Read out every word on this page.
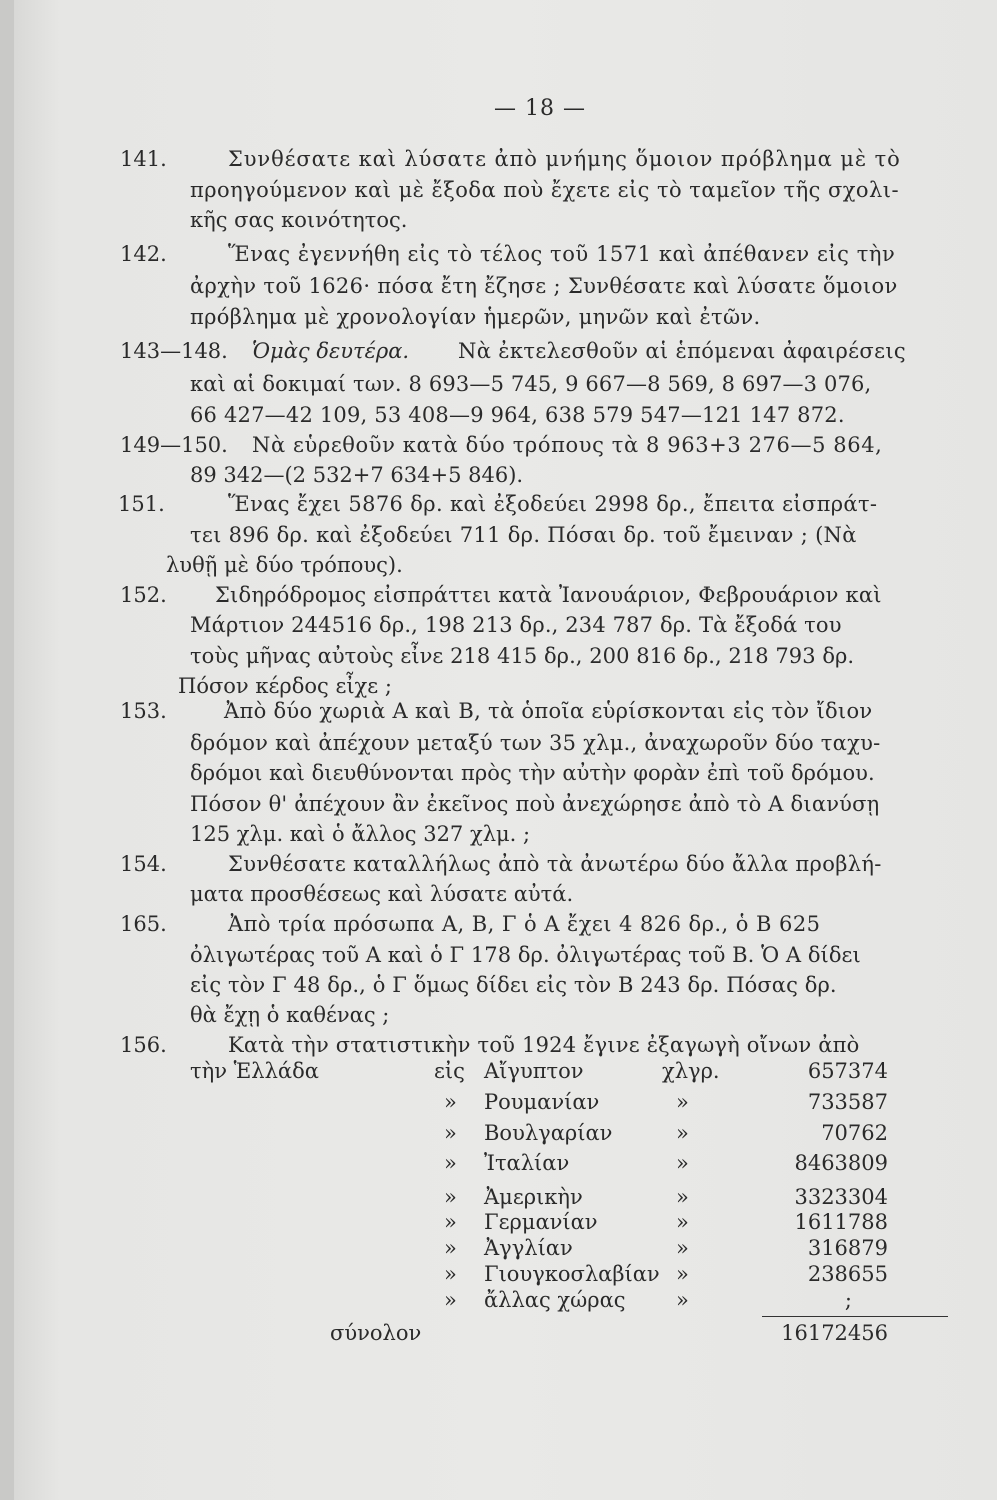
— 18 —
141.	Συνθέσατε καὶ λύσατε ἀπὸ μνήμης ὅμοιον πρόβλημα μὲ τὸ
προηγούμενον καὶ μὲ ἔξοδα ποὺ ἔχετε εἰς τὸ ταμεῖον τῆς σχολι-
κῆς σας κοινότητος.
142.	Ἕνας ἐγεννήθη εἰς τὸ τέλος τοῦ 1571 καὶ ἀπέθανεν εἰς τὴν
ἀρχὴν τοῦ 1626· πόσα ἔτη ἔζησε ; Συνθέσατε καὶ λύσατε ὅμοιον
πρόβλημα μὲ χρονολογίαν ἡμερῶν, μηνῶν καὶ ἐτῶν.
143—148. Ὁμὰς δευτέρα. Νὰ ἐκτελεσθοῦν αἱ ἑπόμεναι ἀφαιρέσεις
καὶ αἱ δοκιμαί των. 8 693—5 745, 9 667—8 569, 8 697—3 076,
66 427—42 109, 53 408—9 964, 638 579 547—121 147 872.
149—150. Νὰ εὑρεθοῦν κατὰ δύο τρόπους τὰ 8 963+3 276—5 864,
89 342—(2 532+7 634+5 846).
151.	Ἕνας ἔχει 5876 δρ. καὶ ἐξοδεύει 2998 δρ., ἔπειτα εἰσπράτ-
τει 896 δρ. καὶ ἐξοδεύει 711 δρ. Πόσαι δρ. τοῦ ἔμειναν ; (Νὰ
λυθῇ μὲ δύο τρόπους).
152. Σιδηρόδρομος εἰσπράττει κατὰ Ἰανουάριον, Φεβρουάριον καὶ
Μάρτιον 244516 δρ., 198 213 δρ., 234 787 δρ. Τὰ ἔξοδά του
τοὺς μῆνας αὐτοὺς εἶνε 218 415 δρ., 200 816 δρ., 218 793 δρ.
Πόσον κέρδος εἶχε ;
153.	Ἀπὸ δύο χωριὰ Α καὶ Β, τὰ ὁποῖα εὑρίσκονται εἰς τὸν ἴδιον
δρόμον καὶ ἀπέχουν μεταξύ των 35 χλμ., ἀναχωροῦν δύο ταχυ-
δρόμοι καὶ διευθύνονται πρὸς τὴν αὐτὴν φορὰν ἐπὶ τοῦ δρόμου.
Πόσον θ' ἀπέχουν ἂν ἐκεῖνος ποὺ ἀνεχώρησε ἀπὸ τὸ Α διανύσῃ
125 χλμ. καὶ ὁ ἄλλος 327 χλμ. ;
154.	Συνθέσατε καταλλήλως ἀπὸ τὰ ἀνωτέρω δύο ἄλλα προβλή-
ματα προσθέσεως καὶ λύσατε αὐτά.
165.	Ἀπὸ τρία πρόσωπα Α, Β, Γ ὁ Α ἔχει 4 826 δρ., ὁ Β 625
ὀλιγωτέρας τοῦ Α καὶ ὁ Γ 178 δρ. ὀλιγωτέρας τοῦ Β. Ὁ Α δίδει
εἰς τὸν Γ 48 δρ., ὁ Γ ὅμως δίδει εἰς τὸν Β 243 δρ. Πόσας δρ.
θὰ ἔχῃ ὁ καθένας ;
156.	Κατὰ τὴν στατιστικὴν τοῦ 1924 ἔγινε ἐξαγωγὴ οἴνων ἀπὸ
τὴν Ἑλλάδα	εἰς Αἴγυπτον	χλγρ.	657374
» Ρουμανίαν	»	733587
» Βουλγαρίαν	»	70762
» Ἰταλίαν	»	8463809
» Ἀμερικὴν	»	3323304
» Γερμανίαν	»	1611788
» Ἀγγλίαν	»	316879
» Γιουγκοσλαβίαν »	238655
» ἄλλας χώρας »	;
σύνολον	16172456
